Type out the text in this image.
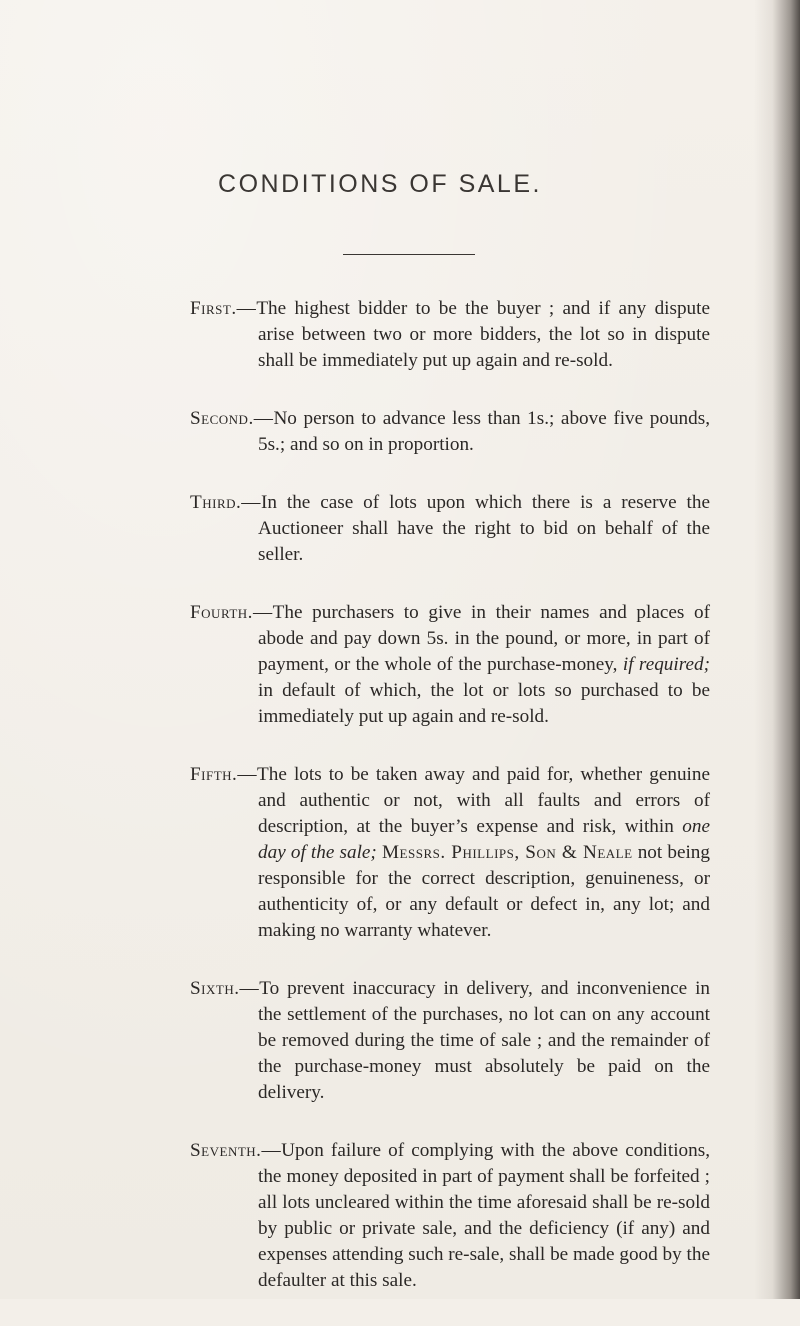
CONDITIONS OF SALE.

First.—The highest bidder to be the buyer ; and if any dispute arise between two or more bidders, the lot so in dispute shall be immediately put up again and re-sold.

Second.—No person to advance less than 1s.; above five pounds, 5s.; and so on in proportion.

Third.—In the case of lots upon which there is a reserve the Auctioneer shall have the right to bid on behalf of the seller.

Fourth.—The purchasers to give in their names and places of abode and pay down 5s. in the pound, or more, in part of payment, or the whole of the purchase-money, if required; in default of which, the lot or lots so purchased to be immediately put up again and re-sold.

Fifth.—The lots to be taken away and paid for, whether genuine and authentic or not, with all faults and errors of description, at the buyer’s expense and risk, within one day of the sale; Messrs. Phillips, Son & Neale not being responsible for the correct description, genuineness, or authenticity of, or any default or defect in, any lot; and making no warranty whatever.

Sixth.—To prevent inaccuracy in delivery, and inconvenience in the settlement of the purchases, no lot can on any account be removed during the time of sale ; and the remainder of the purchase-money must absolutely be paid on the delivery.

Seventh.—Upon failure of complying with the above conditions, the money deposited in part of payment shall be forfeited ; all lots uncleared within the time aforesaid shall be re-sold by public or private sale, and the deficiency (if any) and expenses attending such re-sale, shall be made good by the defaulter at this sale.
